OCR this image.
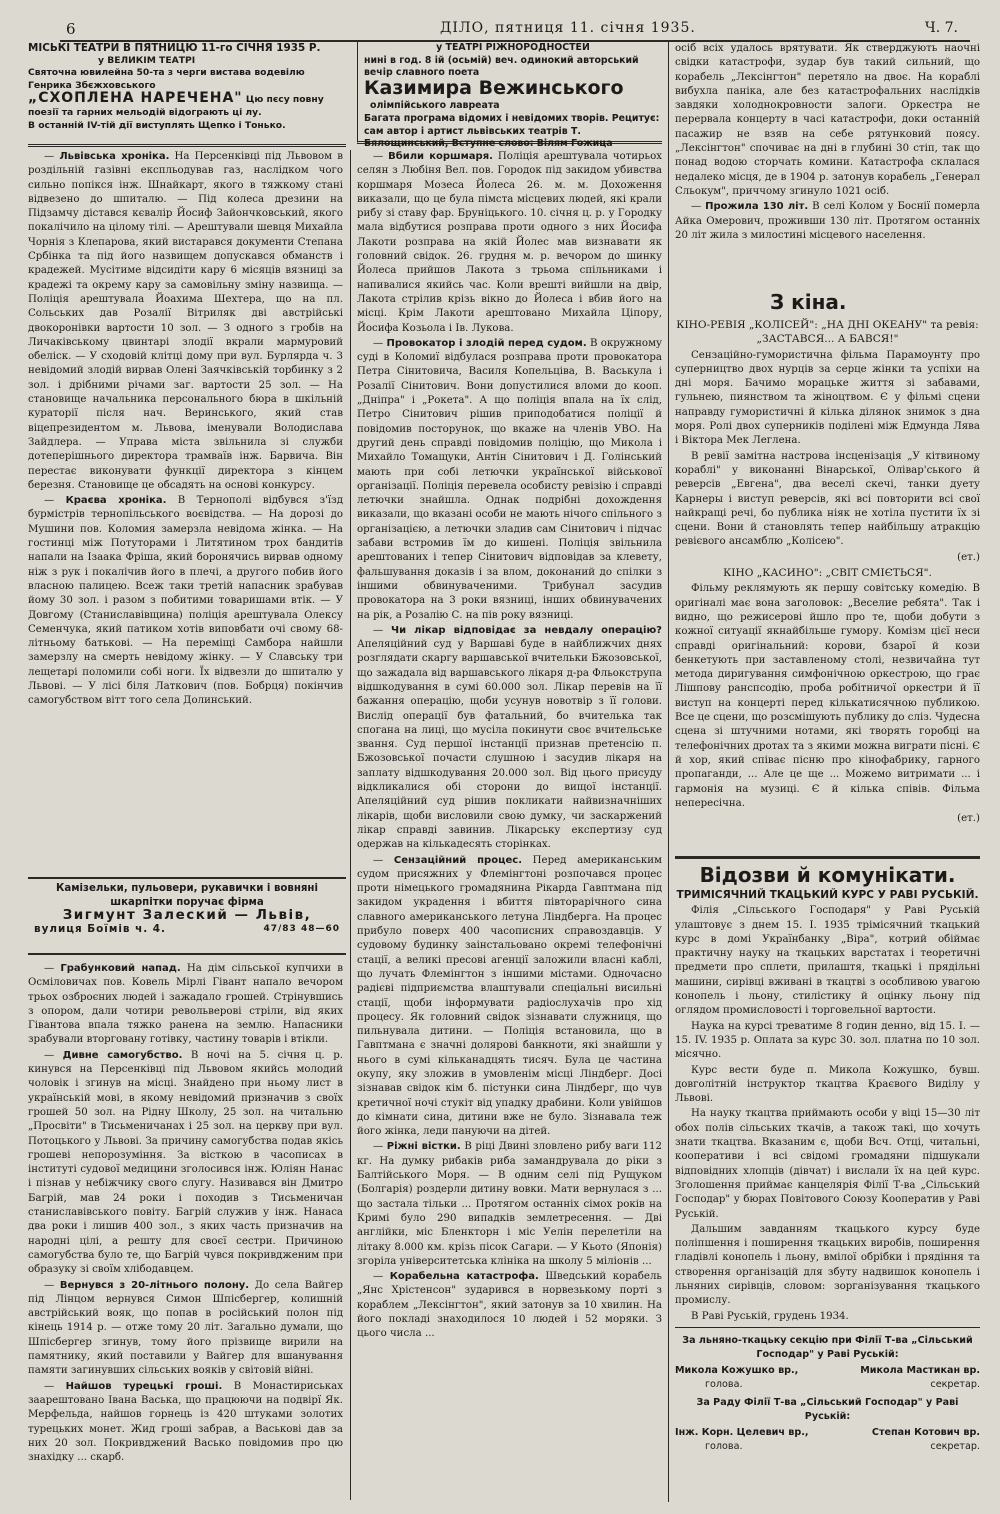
6	ДІЛО, пятниця 11. січня 1935.	Ч. 7.
МІСЬКІ ТЕАТРИ В ПЯТНИЦЮ 11-го СІЧНЯ 1935 Р.
у ВЕЛИКІМ ТЕАТРІ
Святочна ювилейна 50-та з черги вистава водевілю Генрика Збєжховського
„СХОПЛЕНА НАРЕЧЕНА" Цю пєсу повну поезії та гарних мельодій відограють ці лу.
В останній IV-тій дії виступлять Щепко і Тонько.
у ТЕАТРІ РІЖНОРОДНОСТЕЙ
нині в год. 8 ій (осьмій) веч. одинокий авторський вечір славного поета
Казимира Вежинськогоолімпійського лавреата
Багата програма відомих і невідомих творів. Рецитує: сам автор і артист львівських театрів Т. Бялощинський, Вступне слово: Вілям Гожица

— Львівська хроніка. На Персенківці під Львовом в роздільній газівні експльодував газ, наслідком чого сильно попікся інж. Шнайкарт, якого в тяжкому стані відвезено до шпиталю. — Під колеса дрезини на Підзамчу дістався кєвалір Йосиф Зайончковський, якого покалічило на цілому тілі. — Арештували шевця Михайла Чорнія з Клепарова, який вистарався документи Степана Србінка та під його назвищем допускався обманств і крадежей. Мусітиме відсидіти кару 6 місяців вязниці за крадежі та окрему кару за самовільну зміну назвища. — Поліція арештувала Йоахима Шехтера, що на пл. Сольських дав Розалії Вітриляк дві австрійські двокоронівки вартости 10 зол. — З одного з гробів на Личаківському цвинтарі злодії вкрали мармуровий обеліск. — У сходовій клітці дому при вул. Бурлярда ч. 3 невідомий злодій вирвав Олені Заячківській торбинку з 2 зол. і дрібними річами заг. вартости 25 зол. — На становище начальника персонального бюра в шкільній кураторії після нач. Веринського, який став віцепрезидентом м. Львова, іменували Володислава Зайдлера. — Управа міста звільнила зі служби дотеперішнього директора трамваїв інж. Барвича. Він перестає виконувати функції директора з кінцем березня. Становище це обсадять на основі конкурсу.

— Краєва хроніка. В Тернополі відбувся з'їзд бурмістрів тернопільського воєвідства. — На дорозі до Мушини пов. Коломия замерзла невідома жінка. — На гостинці між Потуторами і Литятином трох бандитів напали на Ізаака Фріша, який боронячись вирвав одному ніж з рук і покалічив його в плечі, а другого побив його власною палицею. Всеж таки третій напасник зрабував йому 30 зол. і разом з побитими товаришами втік. — У Довгому (Станиславівщина) поліція арештувала Олексу Семенчука, який патиком хотів виповбати очі свому 68-літньому батькові. — На переміщі Самбора найшли замерзлу на смерть невідому жінку. — У Славську три лещетарі поломили собі ноги. Їх відвезли до шпиталю у Львові. — У лісі біля Латкович (пов. Бобрця) покінчив самогубством вітт того села Долинський.

Камізельки, пульовери, рукавички і вовняні шкарпітки поручає фірма
Зигмунт Залеский — Львів,
вулиця Боїмів ч. 4.	47/83 48—60

— Грабунковий напад. На дім сільської купчихи в Осміловичах пов. Ковель Мірлі Гівант напало вечором трьох озброєних людей і зажадало грошей. Стрінувшись з опором, дали чотири револьверові стріли, від яких Гівантова впала тяжко ранена на землю. Напасники зрабували вторговану готівку, частину товарів і втікли.

— Дивне самогубство. В ночі на 5. січня ц. р. кинувся на Персенківці під Львовом якийсь молодий чоловік і згинув на місці. Знайдено при ньому лист в українській мові, в якому невідомий призначив з своїх грошей 50 зол. на Рідну Школу, 25 зол. на читальню „Просвіти" в Тисьменичанах і 25 зол. на церкву при вул. Потоцького у Львові. За причину самогубства подав якісь грошеві непорозуміння. За вісткою в часописах в інституті судової медицини зголосився інж. Юліян Нанас і пізнав у небіжчику свого слугу. Називався він Дмитро Багрій, мав 24 роки і походив з Тисьменичан станиславівського повіту. Багрій служив у інж. Нанаса два роки і лишив 400 зол., з яких часть призначив на народні цілі, а решту для своєї сестри. Причиною самогубства було те, що Багрій чувся покривдженим при образуку зі своїм хлібодавцем.

— Вернувся з 20-літнього полону. До села Вайгер під Лінцом вернувся Симон Шпісбергер, колишній австрійський вояк, що попав в російський полон під кінець 1914 р. — отже тому 20 літ. Загально думали, що Шпісбергер згинув, тому його прізвище вирили на памятнику, який поставили у Вайгер для вшанування памяти загинувших сільських вояків у світовій війні.

— Найшов турецькі гроші. В Монастириськах заарештовано Івана Васька, що працюючи на подвірї Як. Мерфельда, найшов горнець із 420 штуками золотих турецьких монет. Жид гроші забрав, а Васькові дав за них 20 зол. Покривджений Васько повідомив про цю знахідку ... скарб.

— Вбили коршмаря. Поліція арештувала чотирьох селян з Любіня Вел. пов. Городок під закидом убивства коршмаря Мозеса Йолеса 26. м. м. Дохоження виказали, що це була пімста місцевих людей, які крали рибу зі ставу фар. Бруніцького. 10. січня ц. р. у Городку мала відбутися розправа проти одного з них Йосифа Лакоти розправа на якій Йолес мав визнавати як головний свідок. 26. грудня м. р. вечором до шинку Йолеса прийшов Лакота з трьома спільниками і напивалися якийсь час. Коли врешті вийшли на двір, Лакота стрілив крізь вікно до Йолеса і вбив його на місці. Крім Лакоти арештовано Михайла Ціпору, Йосифа Козьола і Ів. Лукова.

— Провокатор і злодій перед судом. В окружному суді в Коломиї відбулася розправа проти провокатора Петра Сінитовича, Василя Копельціва, В. Васькула і Розалії Сінитович. Вони допустилися вломи до коoп. „Дніпра" і „Рокета". А що поліція впала на їх слід, Петро Сінитович рішив приподобатися поліції й повідомив посторунок, що вкаже на членів УВО. На другий день справді повідомив поліцію, що Микола і Михайло Томащуки, Антін Сінитович і Д. Голінський мають при собі летючки української військової організації. Поліція перевела особисту ревізію і справді летючки знайшла. Однак подрібні дохождення виказали, що вказані особи не мають нічого спільного з організацією, а летючки зладив сам Сінитович і підчас забави встромив їм до кишені. Поліція звільнила арештованих і тепер Сінитович відповідав за клевету, фальшування доказів і за влом, доконаний до спілки з іншими обвинуваченими. Трибунал засудив провокатора на 3 роки вязниці, інших обвинувачених на рік, а Розалію С. на пів року вязниці.

— Чи лікар відповідає за невдалу операцію? Апеляційний суд у Варшаві буде в найближчих днях розглядати скаргу варшавської вчительки Бжозовської, що зажадала від варшавського лікаря д-ра Фльокструпа відшкодування в сумі 60.000 зол. Лікар перевів на її бажання операцію, щоби усунув новотвір з її голови. Вислід операції був фатальний, бо вчителька так спогана на лиці, що мусіла покинути своє вчительське звання. Суд першої інстанції признав претенсію п. Бжозовської почасти слушною і засудив лікаря на заплату відшкодування 20.000 зол. Від цього присуду відкликалися обі сторони до вищої інстанції. Апеляційний суд рішив покликати найвизначніших лікарів, щоби висловили свою думку, чи заскаржений лікар справді завинив. Лікарську експертизу суд одержав на кількадесять сторінках.

— Сензаційний процес. Перед американським судом присяжних у Флемінгтоні розпочався процес проти німецького громадянина Рікарда Гавптмана під закидом украдення і вбиття півторарічного сина славного американського летуна Ліндберга. На процес прибуло поверх 400 часописних справоздавців. У судовому будинку заінстальовано окремі телефонічні стації, а великі пресові агенції заложили власні каблі, що лучать Флемінгтон з іншими містами. Одночасно радієві підприємства влаштували спеціальні висильні стації, щоби інформувати радіослухачів про хід процесу. Як головний свідок зізнавати служниця, що пильнувала дитини. — Поліція встановила, що в Гавптмана є значні долярові банкноти, які знайшли у нього в сумі кільканадцять тисяч. Була це частина окупу, яку зложив в умовленім місці Ліндберг. Досі зізнавав свідок кім б. пістунки сина Ліндберг, що чув кретичної ночі стукіт від упадку драбини. Коли увійшов до кімнати сина, дитини вже не було. Зізнавала теж його жінка, леди пануючи на дітей.

— Ріжні вістки. В ріці Двині зловлено рибу ваги 112 кг. На думку рибаків риба замандрувала до ріки з Балтійського Моря. — В одним селі під Рущуком (Болгарія) роздерли дитину вовки. Мати вернулася з ... що застала тільки ... Протягом останніх сімох років на Кримі було 290 випадків землетресення. — Дві англійки, міс Бленкторн і міс Уелін перелетіли на літаку 8.000 км. крізь пісок Сагари. — У Кьото (Японія) згоріла університетська клініка на школу 5 міліонів ...

— Корабельна катастрофа. Шведський корабель „Янс Хрістенсон" зударився в норвезькому порті з кораблем „Лексінгтон", який затонув за 10 хвилин. На його покладі знаходилося 10 людей і 52 моряки. З цього числа ...

осіб всіх удалось врятувати. Як стверджують наочні свідки катастрофи, зудар був такий сильний, що корабель „Лексінгтон" перетяло на двоє. На кораблі вибухла паніка, але без катастрофальних наслідків завдяки холоднокровности залоги. Оркестра не перервала концерту в часі катастрофи, доки останній пасажир не взяв на себе рятунковий поясу. „Лексінгтон" спочиває на дні в глубині 30 стіп, так що понад водою сторчать комини. Катастрофа склалася недалеко місця, де в 1904 р. затонув корабель „Генерал Сльокум", приччому згинуло 1021 осіб.

— Прожила 130 літ. В селі Колом у Боснії померла Айка Омерович, проживши 130 літ. Протягом останніх 20 літ жила з милостині місцевого населення.

З кіна.

КІНО-РЕВІЯ „КОЛІСЕЙ": „НА ДНІ ОКЕАНУ" та ревія: „ЗАСТАВСЯ... А БАВСЯ!"

Сензаційно-гумористична фільма Парамоунту про суперництво двох нурців за серце жінки та успіхи на дні моря. Бачимо морацьке життя зі забавами, гульнею, пиянством та жіноцтвом. Є у фільмі сцени направду гумористичні й кілька ділянок знимок з дна моря. Ролі двох суперників поділені між Едмунда Лява і Віктора Мек Леглена.

В ревії замітна настрова інсценізація „У кітвиному кораблі" у виконанні Вінарської, Олівар'ського й реверсів „Евгена", два веселі скечі, танки дуету Карнеры і виступ реверсів, які всі повторити всі свої найкращі речі, бо публика ніяк не хотіла пустити їх зі сцени. Вони й становлять тепер найбільшу атракцію ревієвого ансамблю „Колісею".

(ет.)

КІНО „КАСИНО": „СВІТ СМІЄТЬСЯ".

Фільму реклямують як першу совітську комедію. В оригіналі має вона заголовок: „Веселие ребята". Так і видно, що режисерові йшло про те, щоби добути з кожної ситуації якнайбільше гумору. Комізм цієї неси справді оригінальний: корови, бзарої й кози бенкетують при заставленому столі, незвичайна тут метода диригування симфонічною оркестрою, що грає Лішпову ранспсодію, проба робітничої оркестри й її виступ на концерті перед кількатисячною публикою. Все це сцени, що розсмішують публику до сліз. Чудесна сцена зі штучними нотами, які творять горобці на телефонічних дротах та з якими можна виграти пісні. Є й хор, який співає пісню про кінофабрику, гарного пропаганди, ... Але це ще ... Можемо витримати ... і гармонія на музиці. Є й кілька співів. Фільма непересічна.

(ет.)

Відозви й комунікати.

ТРИМІСЯЧНИЙ ТКАЦЬКИЙ КУРС У РАВІ РУСЬКІЙ.

Філія „Сільського Господаря" у Раві Руській улаштовує з днем 15. I. 1935 трімісячний ткацький курс в домі Українбанку „Віра", котрий обіймає практичну науку на ткацьких варстатах і теоретичні предмети про сплети, прилаштя, ткацькі і прядільні машини, сирівці вживані в ткацтві з особливою увагою конопель і льону, стилістику й оцінку льону під оглядом промисловості і торговельної вартости.

Наука на курсі треватиме 8 годин денно, від 15. I. — 15. IV. 1935 р. Оплата за курс 30. зол. платна по 10 зол. місячно.

Курс вести буде п. Микола Кожушко, бувш. довголітній інструктор ткацтва Краєвого Виділу у Львові.

На науку ткацтва приймають особи у віці 15—30 літ обох полів сільських ткачів, а також такі, що хочуть знати ткацтва. Вказаним є, щоби Всч. Отці, читальні, кооперативи і всі свідомі громадяни підшукали відповідних хлопців (дівчат) і вислали їх на цей курс. Зголошення приймає канцелярія Філії Т-ва „Сільський Господар" у бюрах Повітового Союзу Кооператив у Раві Руській.

Дальшим завданням ткацького курсу буде поліпшення і поширення ткацьких виробів, поширення гладівлі конопель і льону, вмілої обрібки і прядіння та створення організацій для збуту надвишок конопель і льняних сирівців, словом: зорганізування ткацького промислу.

В Раві Руській, грудень 1934.

За льняно-ткацьку секцію при Філії Т-ва „Сільський Господар" у Раві Руській:

Микола Кожушко вр.,
голова.
Микола Мастикан вр.
секретар.

За Раду Філії Т-ва „Сільський Господар" у Раві Руській:

Інж. Корн. Целевич вр.,
голова.
Степан Котович вр.
секретар.
